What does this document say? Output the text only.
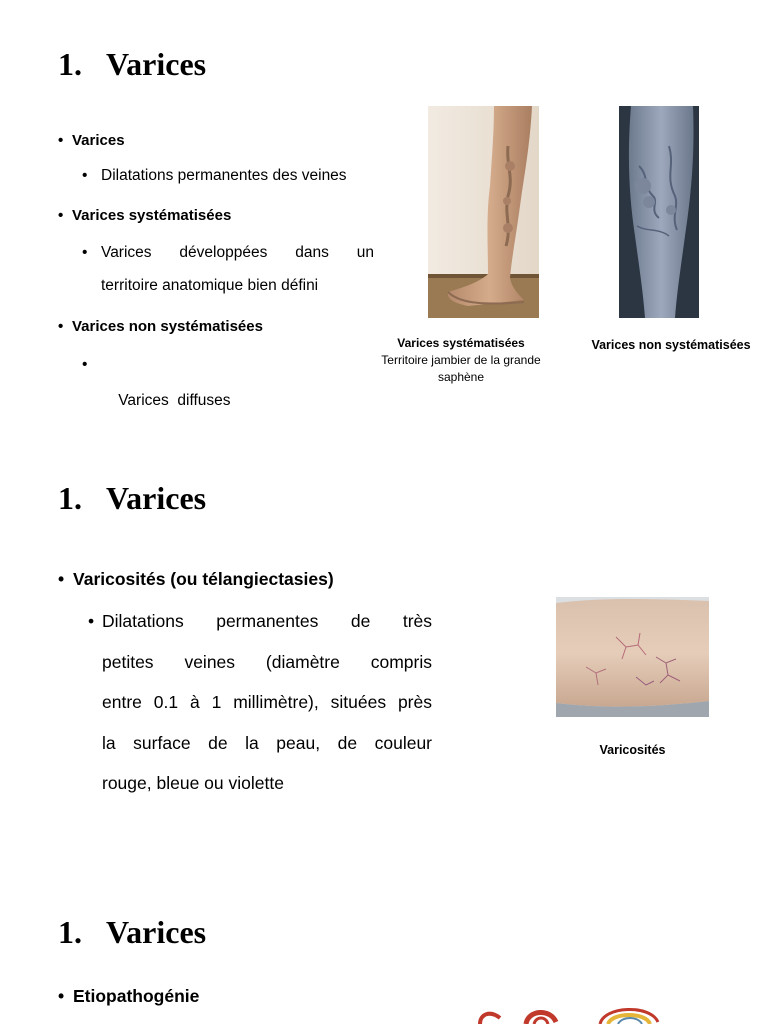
1. Varices
• Varices
• Dilatations permanentes des veines
• Varices systématisées
• Varices développées dans un
territoire anatomique bien défini
• Varices non systématisées

•

Varices  diffuses

Varices systématisées
Territoire jambier de la grande
saphène
Varices non systématisées
1. Varices
• Varicosités (ou télangiectasies)
• Dilatations permanentes de très
petites veines (diamètre compris
entre 0.1 à 1 millimètre), situées près
la surface de la peau, de couleur
rouge, bleue ou violette
Varicosités
1. Varices
• Etiopathogénie
